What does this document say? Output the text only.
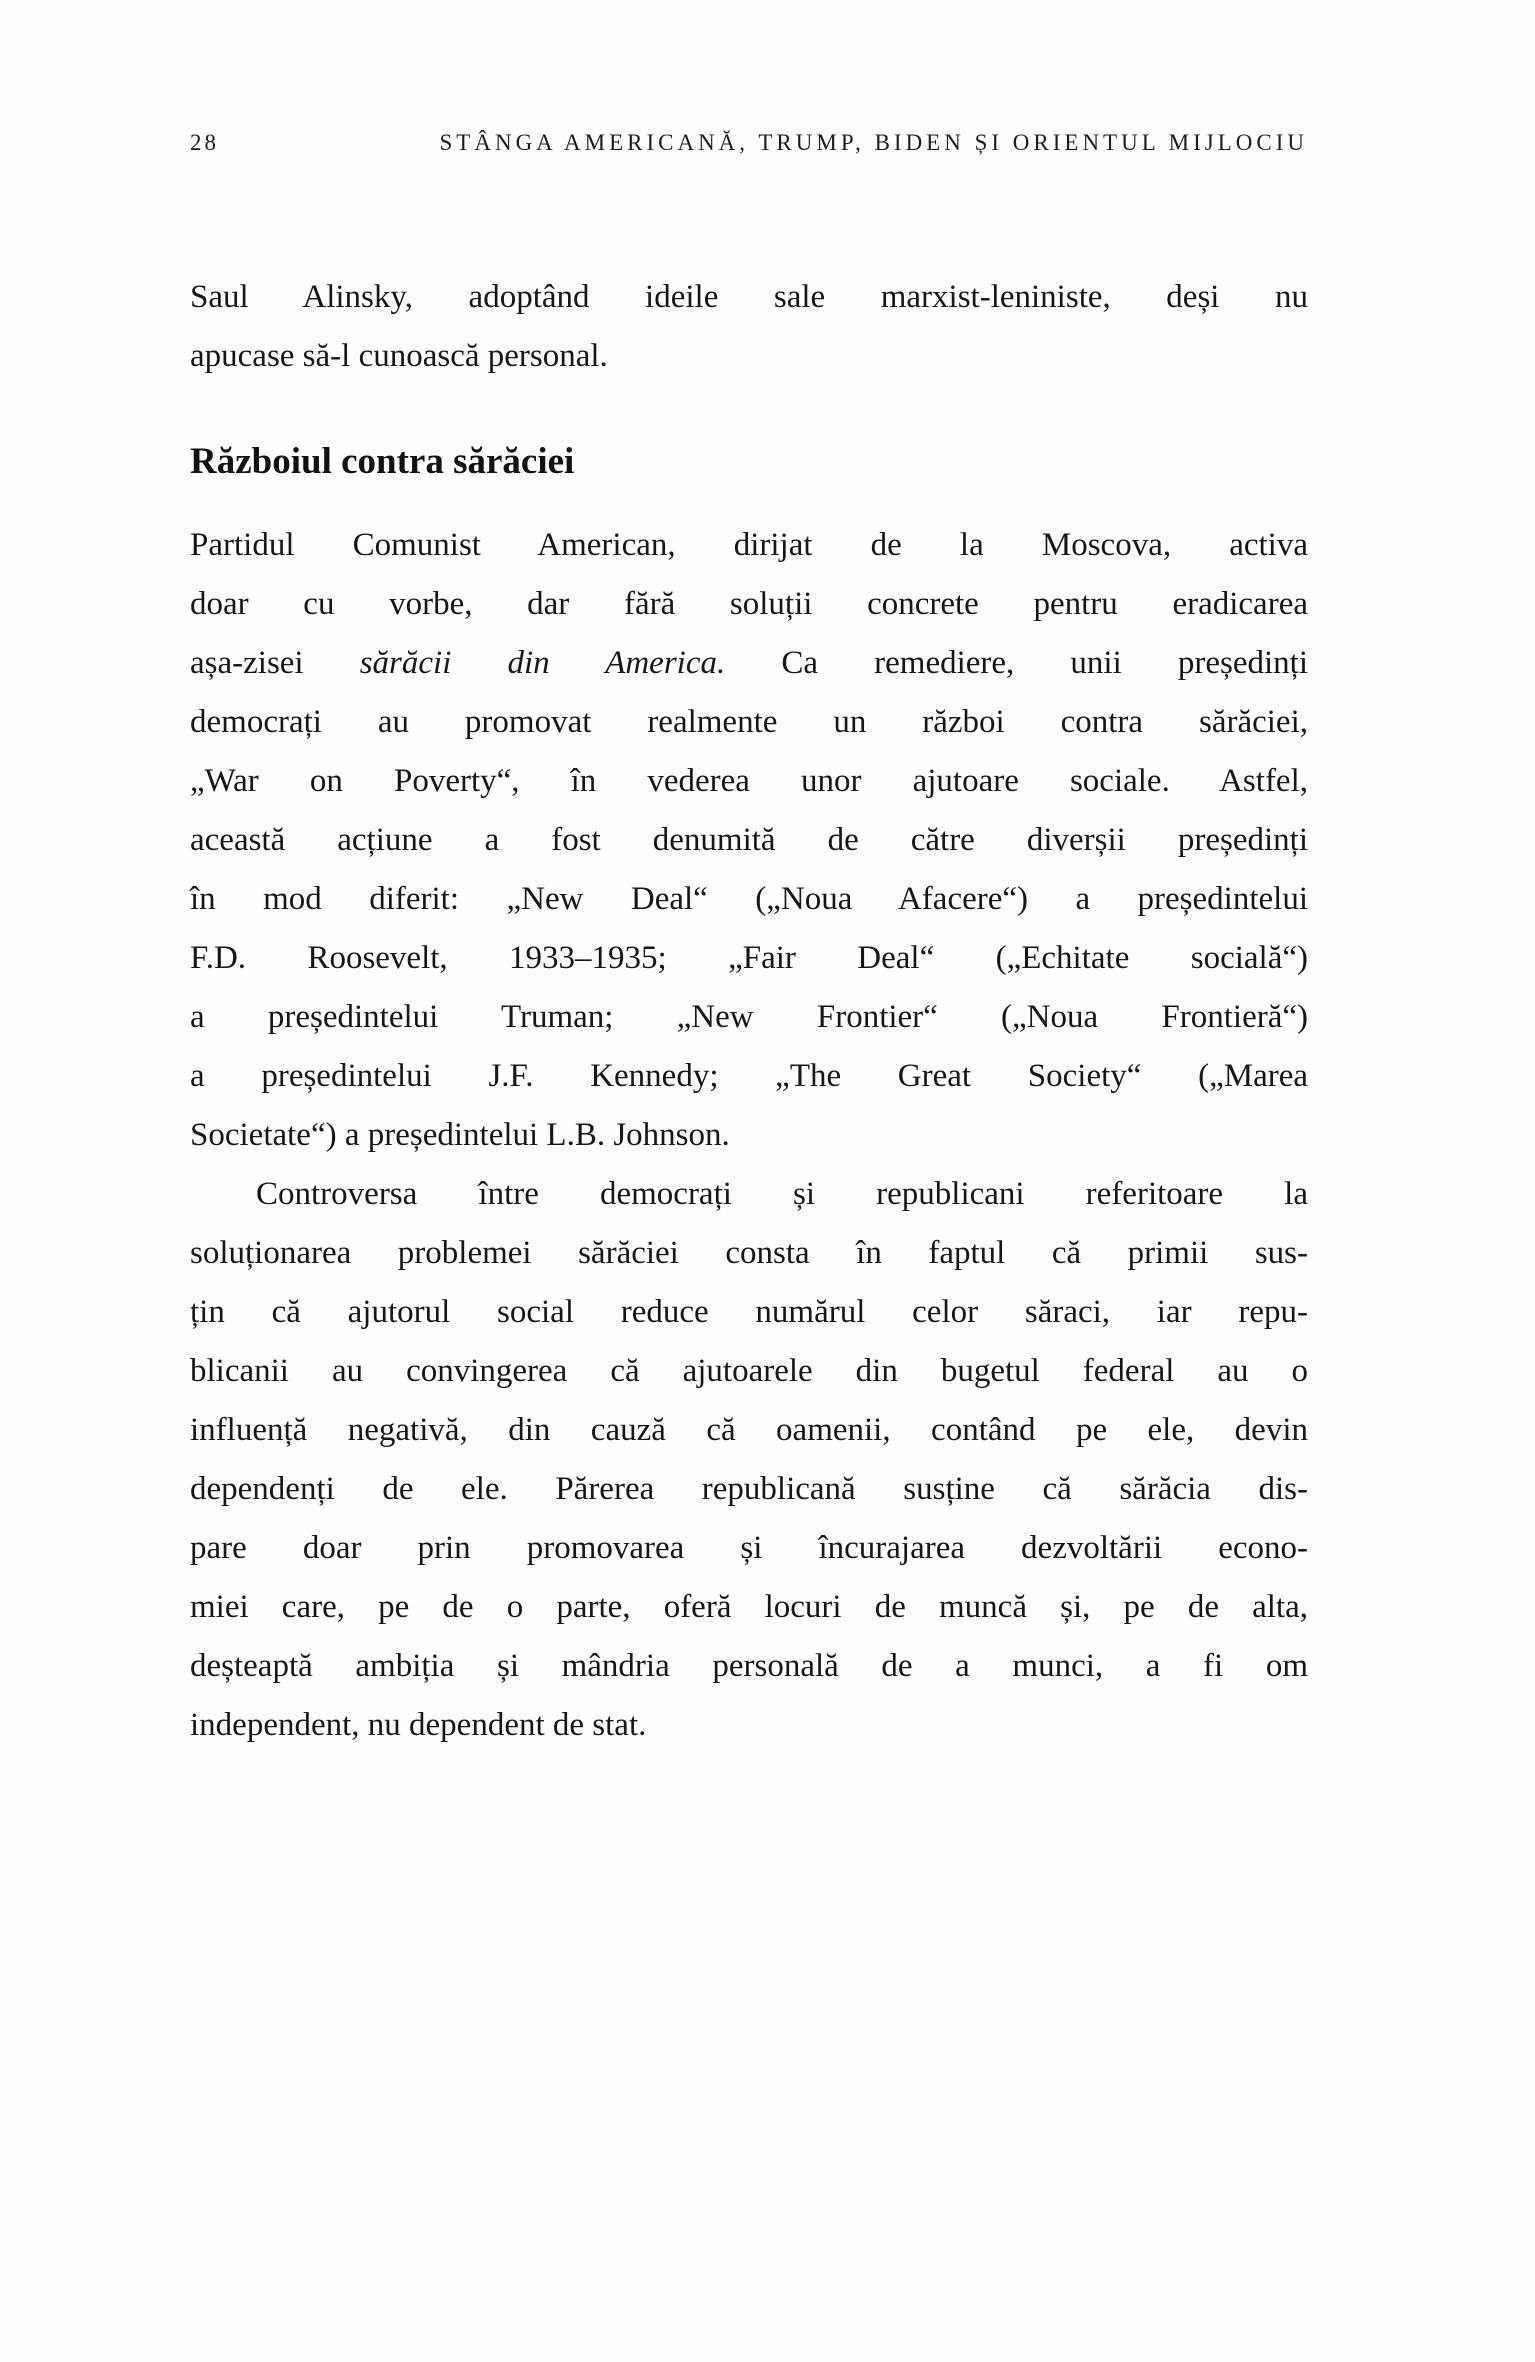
28	STÂNGA AMERICANĂ, TRUMP, BIDEN ȘI ORIENTUL MIJLOCIU
Saul Alinsky, adoptând ideile sale marxist-leniniste, deși nu
apucase să-l cunoască personal.
Războiul contra sărăciei
Partidul Comunist American, dirijat de la Moscova, activa
doar cu vorbe, dar fără soluții concrete pentru eradicarea
așa-zisei sărăcii din America. Ca remediere, unii președinți
democrați au promovat realmente un război contra sărăciei,
„War on Poverty“, în vederea unor ajutoare sociale. Astfel,
această acțiune a fost denumită de către diverșii președinți
în mod diferit: „New Deal“ („Noua Afacere“) a președintelui
F.D. Roosevelt, 1933–1935; „Fair Deal“ („Echitate socială“)
a președintelui Truman; „New Frontier“ („Noua Frontieră“)
a președintelui J.F. Kennedy; „The Great Society“ („Marea
Societate“) a președintelui L.B. Johnson.
Controversa între democrați și republicani referitoare la
soluționarea problemei sărăciei consta în faptul că primii sus-
țin că ajutorul social reduce numărul celor săraci, iar repu-
blicanii au convingerea că ajutoarele din bugetul federal au o
influență negativă, din cauză că oamenii, contând pe ele, devin
dependenți de ele. Părerea republicană susține că sărăcia dis-
pare doar prin promovarea și încurajarea dezvoltării econo-
miei care, pe de o parte, oferă locuri de muncă și, pe de alta,
deșteaptă ambiția și mândria personală de a munci, a fi om
independent, nu dependent de stat.
